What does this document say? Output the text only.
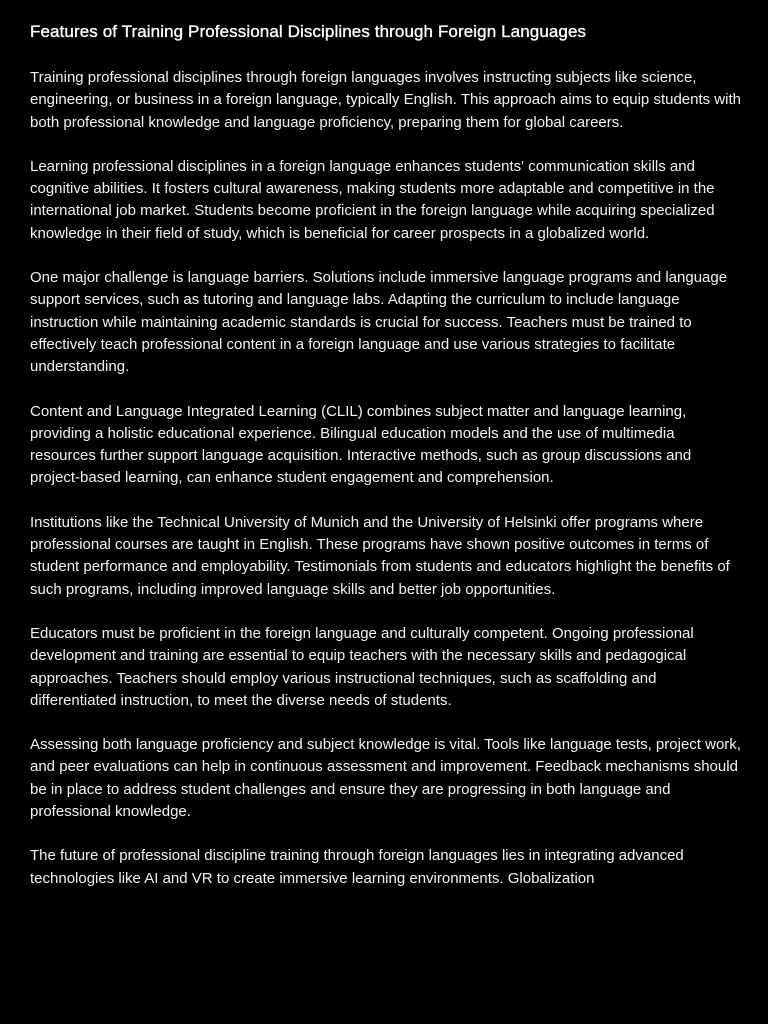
Features of Training Professional Disciplines through Foreign Languages

Training professional disciplines through foreign languages involves instructing subjects like science, engineering, or business in a foreign language, typically English. This approach aims to equip students with both professional knowledge and language proficiency, preparing them for global careers.

Learning professional disciplines in a foreign language enhances students' communication skills and cognitive abilities. It fosters cultural awareness, making students more adaptable and competitive in the international job market. Students become proficient in the foreign language while acquiring specialized knowledge in their field of study, which is beneficial for career prospects in a globalized world.

One major challenge is language barriers. Solutions include immersive language programs and language support services, such as tutoring and language labs. Adapting the curriculum to include language instruction while maintaining academic standards is crucial for success. Teachers must be trained to effectively teach professional content in a foreign language and use various strategies to facilitate understanding.

Content and Language Integrated Learning (CLIL) combines subject matter and language learning, providing a holistic educational experience. Bilingual education models and the use of multimedia resources further support language acquisition. Interactive methods, such as group discussions and project-based learning, can enhance student engagement and comprehension.

Institutions like the Technical University of Munich and the University of Helsinki offer programs where professional courses are taught in English. These programs have shown positive outcomes in terms of student performance and employability. Testimonials from students and educators highlight the benefits of such programs, including improved language skills and better job opportunities.

Educators must be proficient in the foreign language and culturally competent. Ongoing professional development and training are essential to equip teachers with the necessary skills and pedagogical approaches. Teachers should employ various instructional techniques, such as scaffolding and differentiated instruction, to meet the diverse needs of students.

Assessing both language proficiency and subject knowledge is vital. Tools like language tests, project work, and peer evaluations can help in continuous assessment and improvement. Feedback mechanisms should be in place to address student challenges and ensure they are progressing in both language and professional knowledge.

The future of professional discipline training through foreign languages lies in integrating advanced technologies like AI and VR to create immersive learning environments. Globalization
